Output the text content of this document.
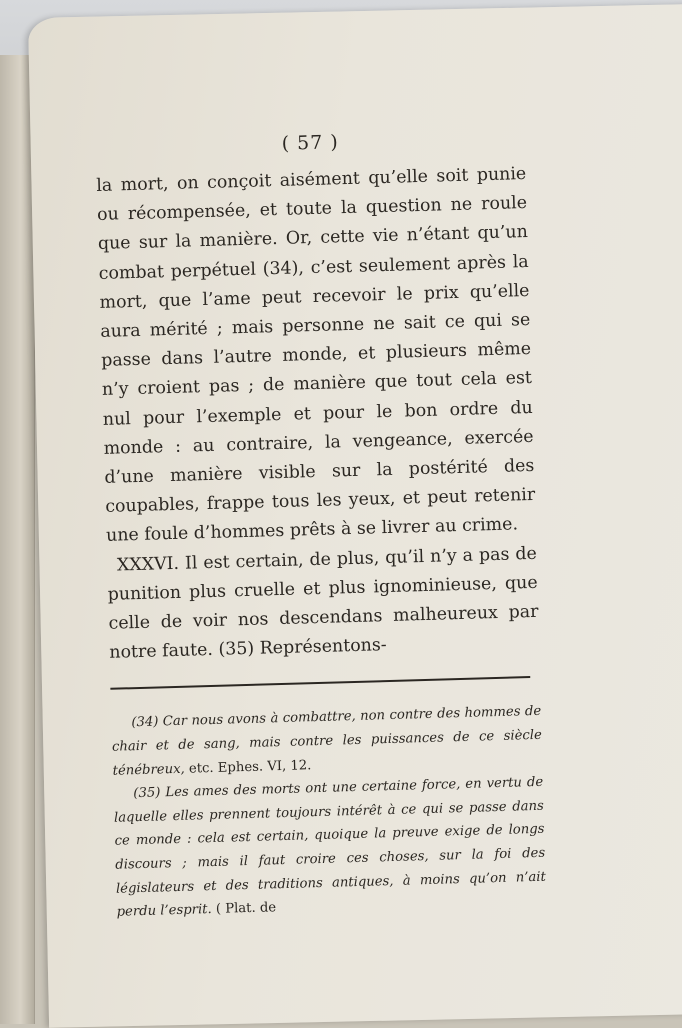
( 57 )

la mort, on conçoit aisément qu’elle soit punie ou récompensée, et toute la question ne roule que sur la manière. Or, cette vie n’étant qu’un combat perpétuel (34), c’est seulement après la mort, que l’ame peut recevoir le prix qu’elle aura mérité ; mais personne ne sait ce qui se passe dans l’autre monde, et plusieurs même n’y croient pas ; de manière que tout cela est nul pour l’exemple et pour le bon ordre du monde : au contraire, la vengeance, exercée d’une manière visible sur la postérité des coupables, frappe tous les yeux, et peut retenir une foule d’hommes prêts à se livrer au crime.

XXXVI. Il est certain, de plus, qu’il n’y a pas de punition plus cruelle et plus ignominieuse, que celle de voir nos descendans malheureux par notre faute. (35) Représentons-

(34) Car nous avons à combattre, non contre des hommes de chair et de sang, mais contre les puissances de ce siècle ténébreux, etc. Ephes. VI, 12.

(35) Les ames des morts ont une certaine force, en vertu de laquelle elles prennent toujours intérêt à ce qui se passe dans ce monde : cela est certain, quoique la preuve exige de longs discours ; mais il faut croire ces choses, sur la foi des législateurs et des traditions antiques, à moins qu’on n’ait perdu l’esprit. ( Plat. de
